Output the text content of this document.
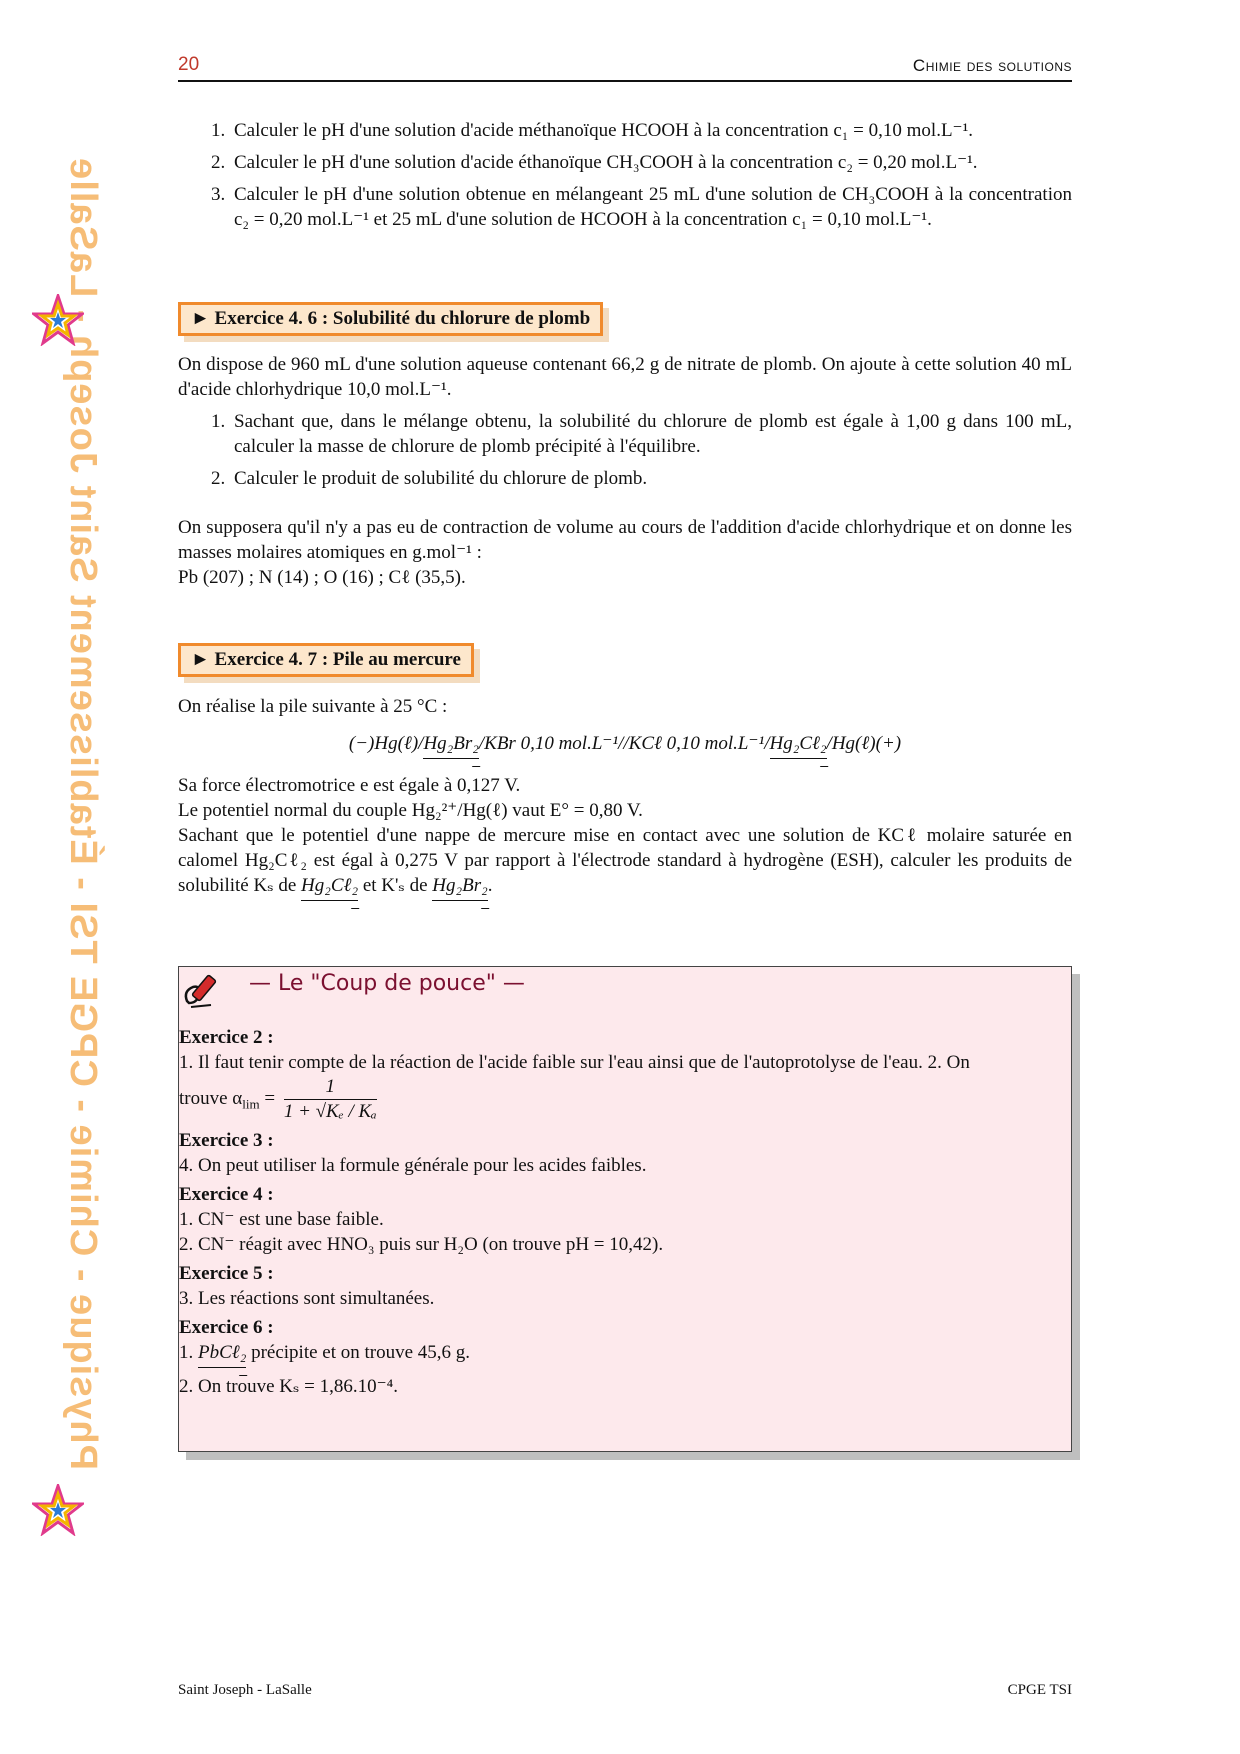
20	Chimie des solutions
Physique - Chimie - CPGE TSI - Établissement Saint Joseph - LaSalle
1. Calculer le pH d'une solution d'acide méthanoïque HCOOH à la concentration c₁ = 0,10 mol.L⁻¹.
2. Calculer le pH d'une solution d'acide éthanoïque CH₃COOH à la concentration c₂ = 0,20 mol.L⁻¹.
3. Calculer le pH d'une solution obtenue en mélangeant 25 mL d'une solution de CH₃COOH à la concentration c₂ = 0,20 mol.L⁻¹ et 25 mL d'une solution de HCOOH à la concentration c₁ = 0,10 mol.L⁻¹.
► Exercice 4. 6 : Solubilité du chlorure de plomb

On dispose de 960 mL d'une solution aqueuse contenant 66,2 g de nitrate de plomb. On ajoute à cette solution 40 mL d'acide chlorhydrique 10,0 mol.L⁻¹.

1. Sachant que, dans le mélange obtenu, la solubilité du chlorure de plomb est égale à 1,00 g dans 100 mL, calculer la masse de chlorure de plomb précipité à l'équilibre.
2. Calculer le produit de solubilité du chlorure de plomb.

On supposera qu'il n'y a pas eu de contraction de volume au cours de l'addition d'acide chlorhydrique et on donne les masses molaires atomiques en g.mol⁻¹ :

Pb (207) ; N (14) ; O (16) ; Cℓ (35,5).

► Exercice 4. 7 : Pile au mercure

On réalise la pile suivante à 25 °C :

(−)Hg(ℓ)/Hg₂Br₂/KBr 0,10 mol.L⁻¹//KCℓ 0,10 mol.L⁻¹/Hg₂Cℓ₂/Hg(ℓ)(+)

Sa force électromotrice e est égale à 0,127 V.

Le potentiel normal du couple Hg₂²⁺/Hg(ℓ) vaut E° = 0,80 V.

Sachant que le potentiel d'une nappe de mercure mise en contact avec une solution de KCℓ molaire saturée en calomel Hg₂Cℓ₂ est égal à 0,275 V par rapport à l'électrode standard à hydrogène (ESH), calculer les produits de solubilité Kₛ de Hg₂Cℓ₂ et K'ₛ de Hg₂Br₂.

— Le "Coup de pouce" —
Exercice 2 :
1. Il faut tenir compte de la réaction de l'acide faible sur l'eau ainsi que de l'autoprotolyse de l'eau. 2. On
trouve $\alpha_{lim} = \frac{1}{\text{1 + √Kₑ / Kₐ}}$
Exercice 3 :
4. On peut utiliser la formule générale pour les acides faibles.
Exercice 4 :
1. CN⁻ est une base faible.
2. CN⁻ réagit avec HNO₃ puis sur H₂O (on trouve pH = 10,42).
Exercice 5 :
3. Les réactions sont simultanées.
Exercice 6 :
1. PbCℓ₂ précipite et on trouve 45,6 g.
2. On trouve Kₛ = 1,86.10⁻⁴.
Saint Joseph - LaSalle	CPGE TSI
